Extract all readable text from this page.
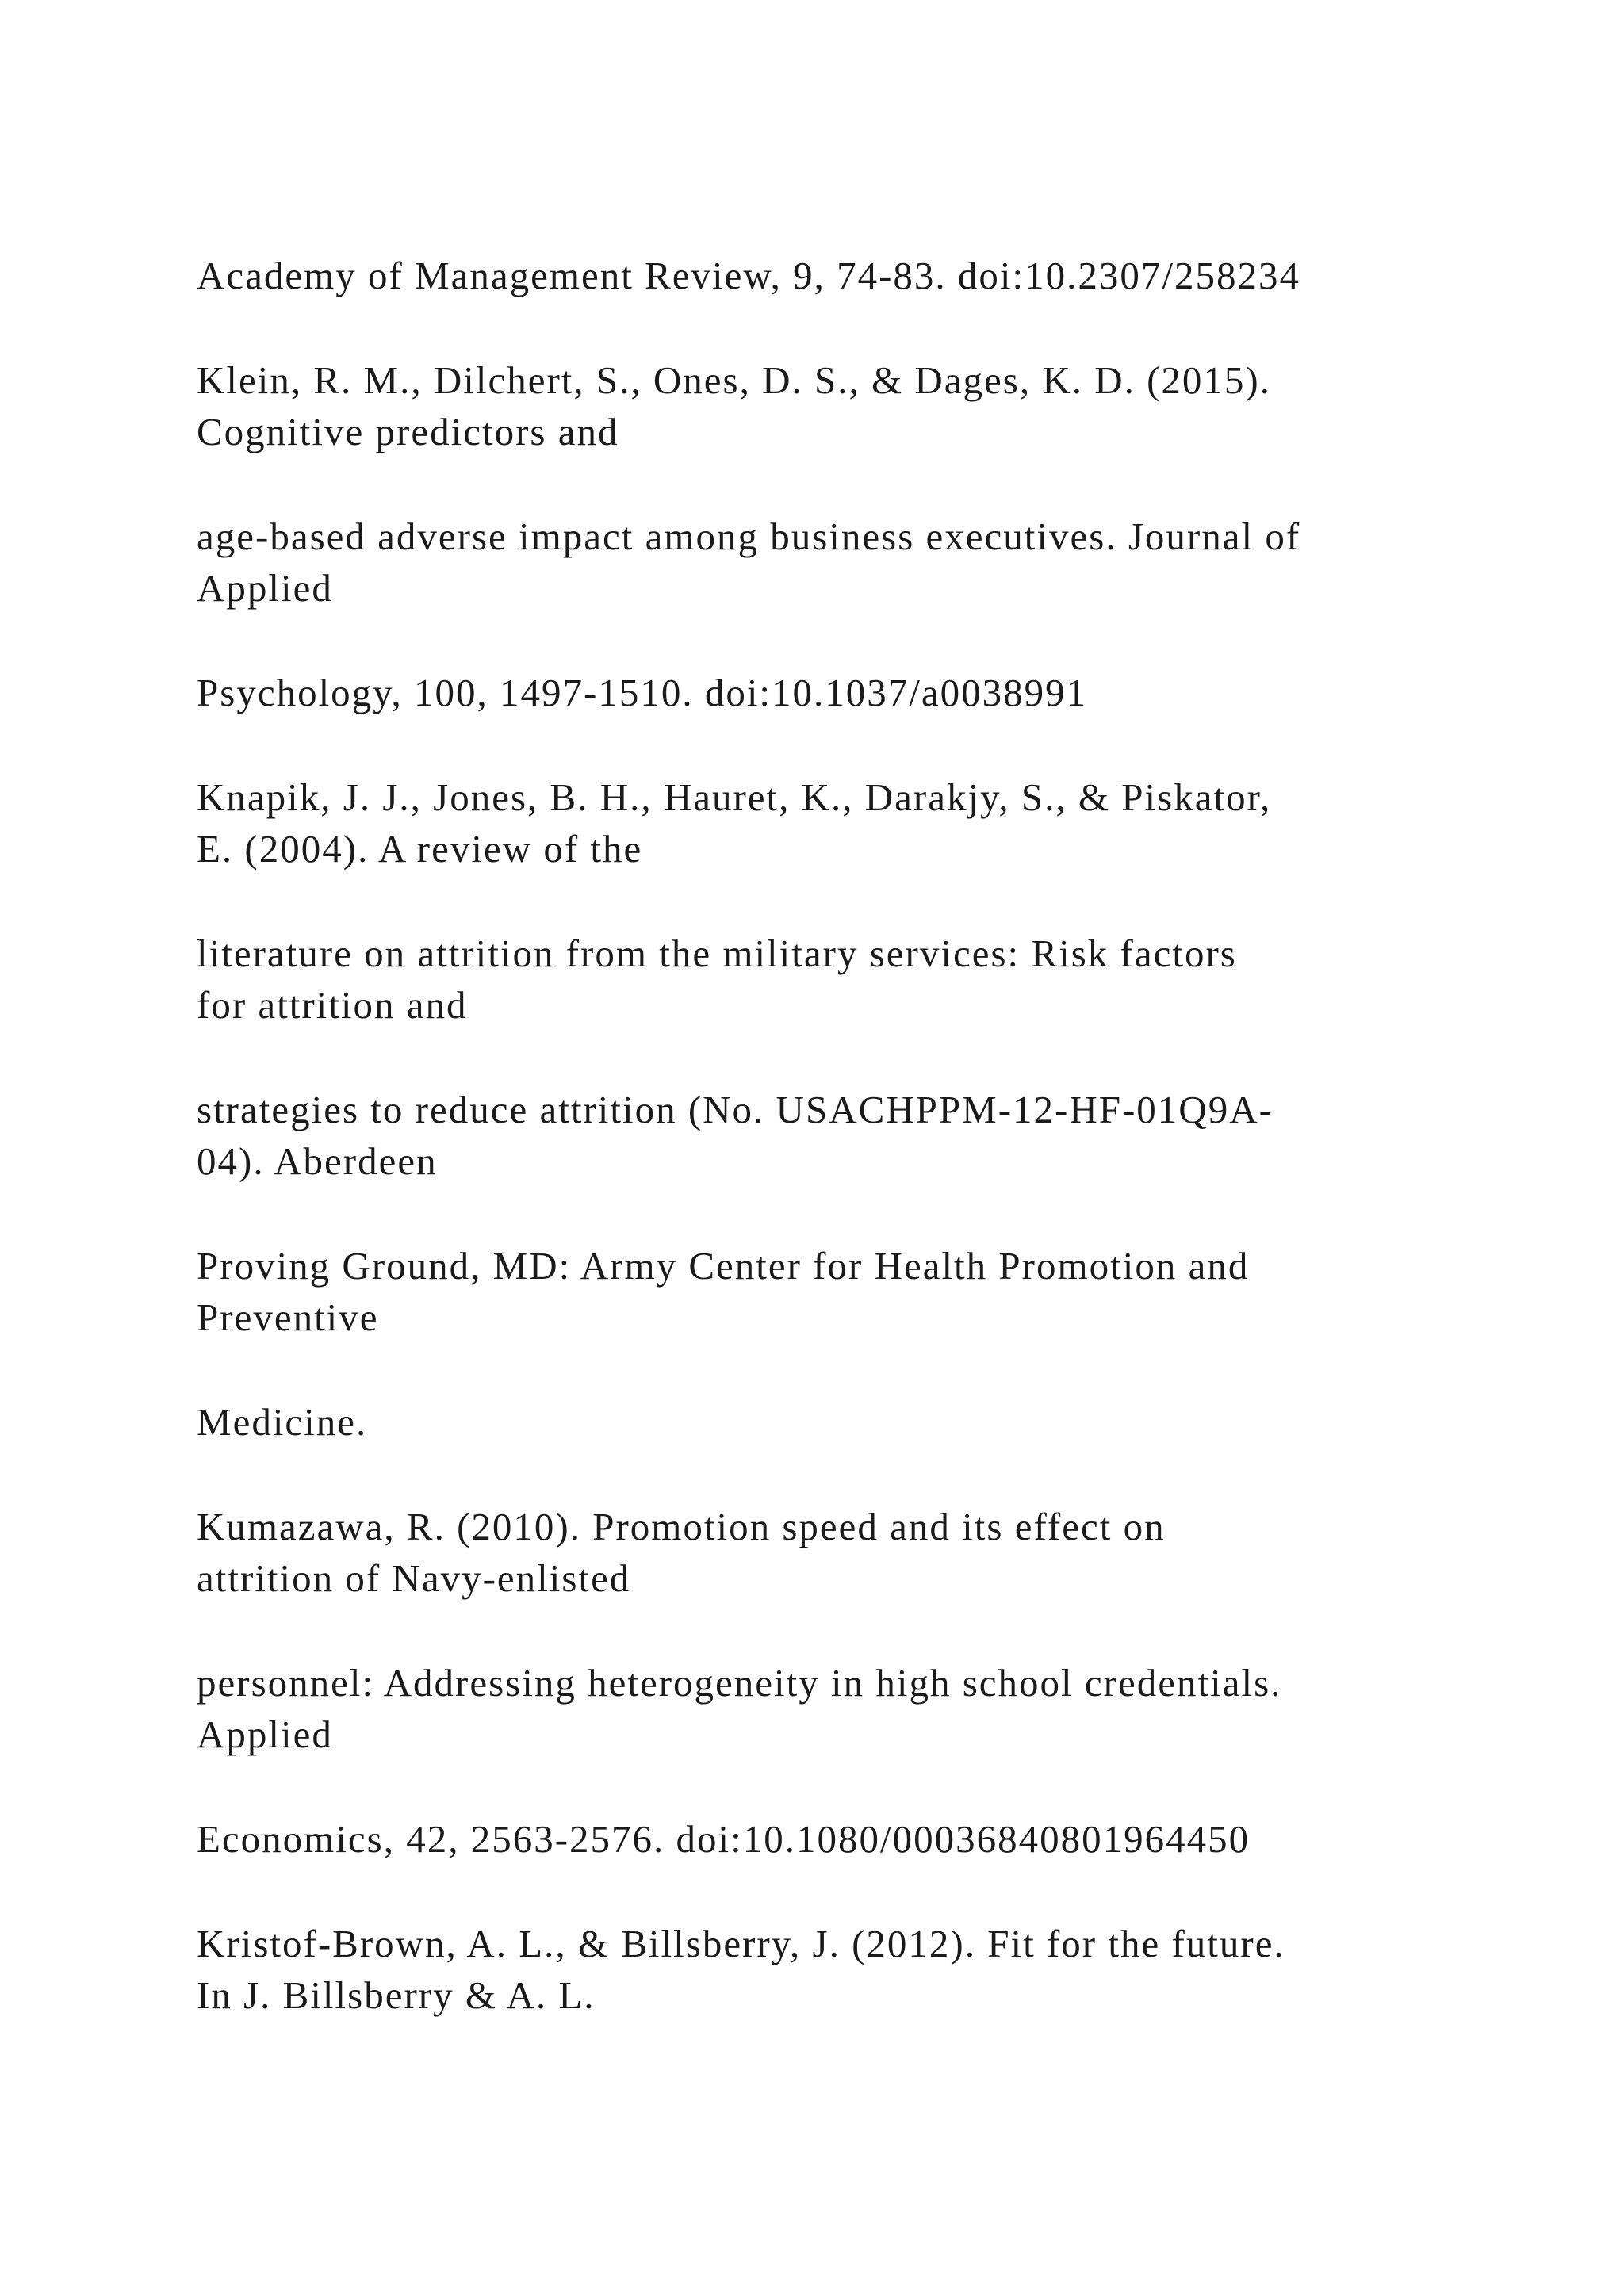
Academy of Management Review, 9, 74-83. doi:10.2307/258234

Klein, R. M., Dilchert, S., Ones, D. S., & Dages, K. D. (2015).

Cognitive predictors and

age-based adverse impact among business executives. Journal of

Applied

Psychology, 100, 1497-1510. doi:10.1037/a0038991

Knapik, J. J., Jones, B. H., Hauret, K., Darakjy, S., & Piskator,

E. (2004). A review of the

literature on attrition from the military services: Risk factors

for attrition and

strategies to reduce attrition (No. USACHPPM-12-HF-01Q9A-

04). Aberdeen

Proving Ground, MD: Army Center for Health Promotion and

Preventive

Medicine.

Kumazawa, R. (2010). Promotion speed and its effect on

attrition of Navy-enlisted

personnel: Addressing heterogeneity in high school credentials.

Applied

Economics, 42, 2563-2576. doi:10.1080/00036840801964450

Kristof-Brown, A. L., & Billsberry, J. (2012). Fit for the future.

In J. Billsberry & A. L.
